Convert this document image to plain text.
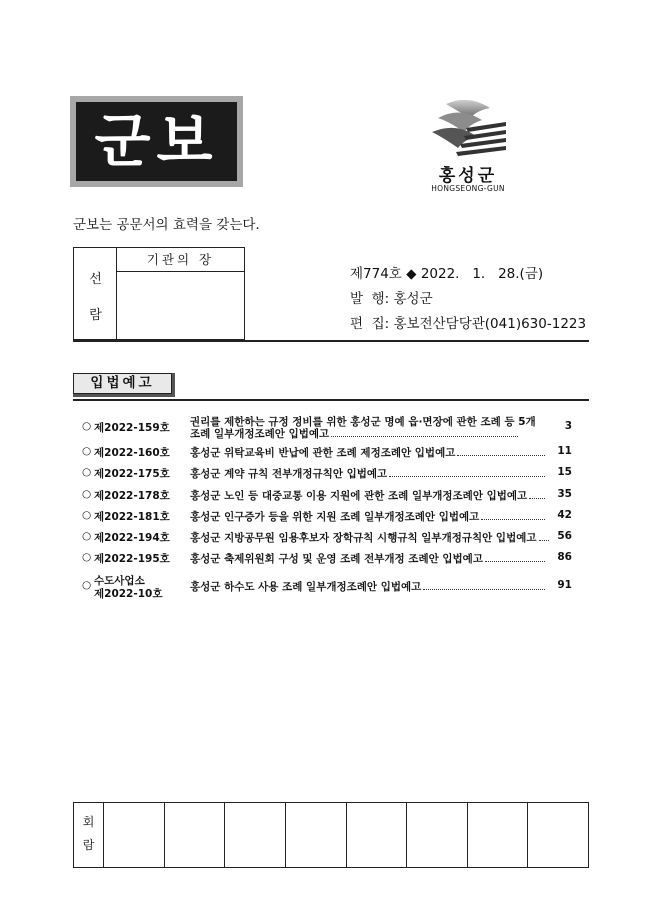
군보
홍성군
HONGSEONG-GUN
군보는 공문서의 효력을 갖는다.
선
람
기관의 장
제774호 ◆ 2022.   1.   28.(금)
발  행: 홍성군
편  집: 홍보전산담당관(041)630-1223
입법예고
○ 제2022-159호 권리를 제한하는 규정 정비를 위한 홍성군 명예 읍·면장에 관한 조례 등 5개
조례 일부개정조례안 입법예고
3
○ 제2022-160호 홍성군 위탁교육비 반납에 관한 조례 제정조례안 입법예고	11
○ 제2022-175호 홍성군 계약 규칙 전부개정규칙안 입법예고	15
○ 제2022-178호 홍성군 노인 등 대중교통 이용 지원에 관한 조례 일부개정조례안 입법예고	35
○ 제2022-181호 홍성군 인구증가 등을 위한 지원 조례 일부개정조례안 입법예고	42
○ 제2022-194호 홍성군 지방공무원 임용후보자 장학규칙 시행규칙 일부개정규칙안 입법예고	56
○ 제2022-195호 홍성군 축제위원회 구성 및 운영 조례 전부개정 조례안 입법예고	86
○ 수도사업소
제2022-10호
홍성군 하수도 사용 조례 일부개정조례안 입법예고	91
회
람
